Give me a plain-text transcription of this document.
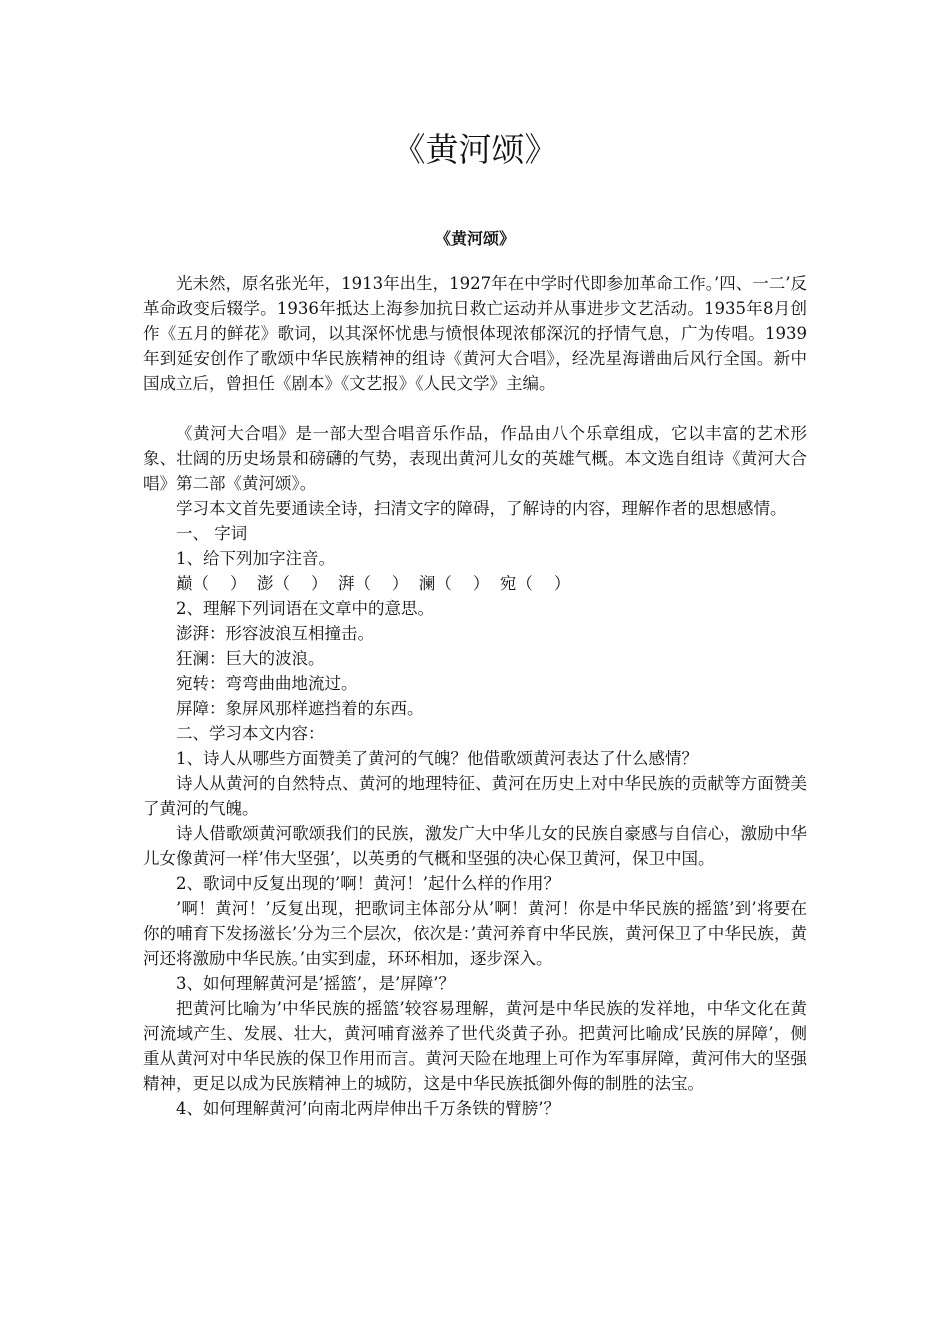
《黄河颂》
《黄河颂》

光未然，原名张光年，1913年出生，1927年在中学时代即参加革命工作。’四、一二’反革命政变后辍学。1936年抵达上海参加抗日救亡运动并从事进步文艺活动。1935年8月创作《五月的鲜花》歌词，以其深怀忧患与愤恨体现浓郁深沉的抒情气息，广为传唱。1939年到延安创作了歌颂中华民族精神的组诗《黄河大合唱》，经冼星海谱曲后风行全国。新中国成立后，曾担任《剧本》《文艺报》《人民文学》主编。

《黄河大合唱》是一部大型合唱音乐作品，作品由八个乐章组成，它以丰富的艺术形象、壮阔的历史场景和磅礴的气势，表现出黄河儿女的英雄气概。本文选自组诗《黄河大合唱》第二部《黄河颂》。

学习本文首先要通读全诗，扫清文字的障碍，了解诗的内容，理解作者的思想感情。

一、 字词

1、给下列加字注音。

巅（    ）  澎（    ）  湃（    ）  澜（    ）  宛（    ）

2、理解下列词语在文章中的意思。

澎湃：形容波浪互相撞击。

狂澜：巨大的波浪。

宛转：弯弯曲曲地流过。

屏障：象屏风那样遮挡着的东西。

二、学习本文内容：

1、诗人从哪些方面赞美了黄河的气魄？他借歌颂黄河表达了什么感情？

诗人从黄河的自然特点、黄河的地理特征、黄河在历史上对中华民族的贡献等方面赞美了黄河的气魄。

诗人借歌颂黄河歌颂我们的民族，激发广大中华儿女的民族自豪感与自信心，激励中华儿女像黄河一样’伟大坚强’，以英勇的气概和坚强的决心保卫黄河，保卫中国。

2、歌词中反复出现的’啊！黄河！’起什么样的作用？

’啊！黄河！’反复出现，把歌词主体部分从’啊！黄河！你是中华民族的摇篮’到’将要在你的哺育下发扬滋长’分为三个层次，依次是：’黄河养育中华民族，黄河保卫了中华民族，黄河还将激励中华民族。’由实到虚，环环相加，逐步深入。

3、如何理解黄河是’摇篮’，是’屏障’？

把黄河比喻为’中华民族的摇篮’较容易理解，黄河是中华民族的发祥地，中华文化在黄河流域产生、发展、壮大，黄河哺育滋养了世代炎黄子孙。把黄河比喻成’民族的屏障’，侧重从黄河对中华民族的保卫作用而言。黄河天险在地理上可作为军事屏障，黄河伟大的坚强精神，更足以成为民族精神上的城防，这是中华民族抵御外侮的制胜的法宝。

4、如何理解黄河’向南北两岸伸出千万条铁的臂膀’？
